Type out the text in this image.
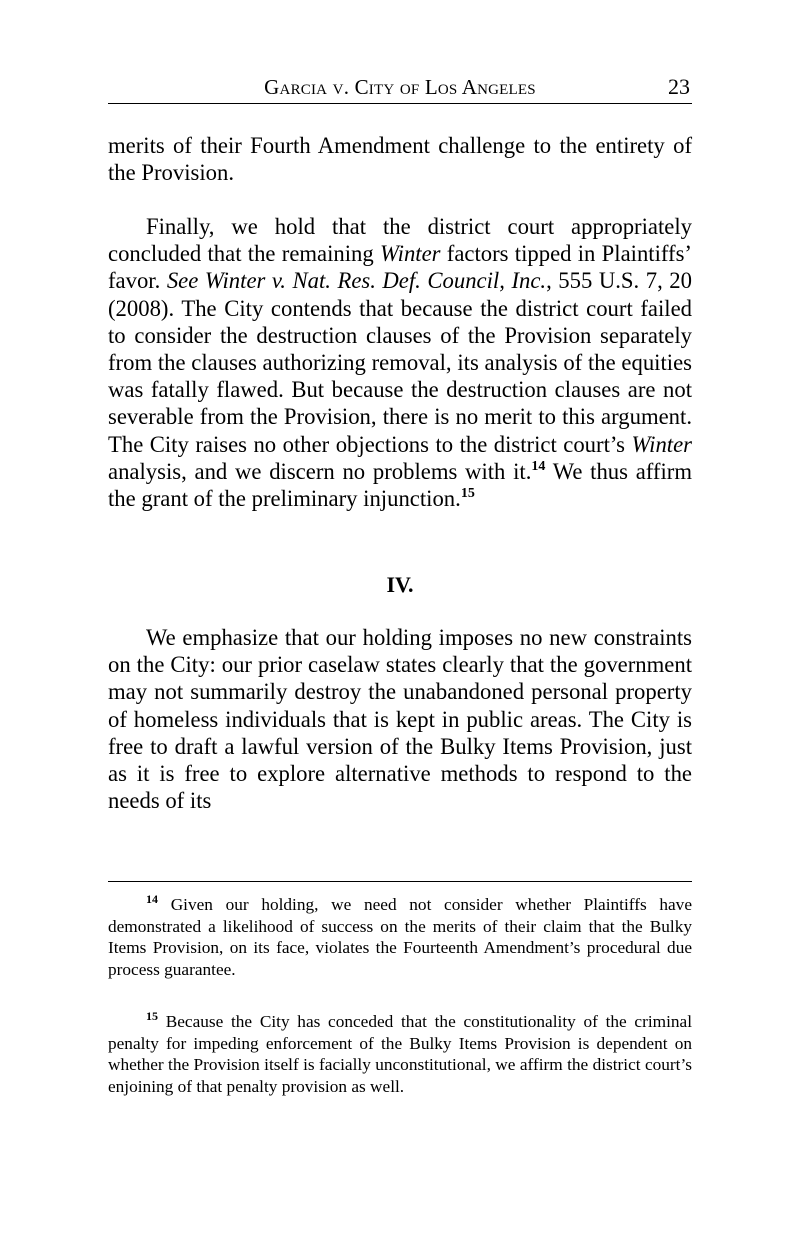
Garcia v. City of Los Angeles	23

merits of their Fourth Amendment challenge to the entirety of the Provision.

Finally, we hold that the district court appropriately concluded that the remaining Winter factors tipped in Plaintiffs’ favor. See Winter v. Nat. Res. Def. Council, Inc., 555 U.S. 7, 20 (2008). The City contends that because the district court failed to consider the destruction clauses of the Provision separately from the clauses authorizing removal, its analysis of the equities was fatally flawed. But because the destruction clauses are not severable from the Provision, there is no merit to this argument. The City raises no other objections to the district court’s Winter analysis, and we discern no problems with it.$^{14}$ We thus affirm the grant of the preliminary injunction.$^{15}$

IV.

We emphasize that our holding imposes no new constraints on the City: our prior caselaw states clearly that the government may not summarily destroy the unabandoned personal property of homeless individuals that is kept in public areas. The City is free to draft a lawful version of the Bulky Items Provision, just as it is free to explore alternative methods to respond to the needs of its

$^{14}$ Given our holding, we need not consider whether Plaintiffs have demonstrated a likelihood of success on the merits of their claim that the Bulky Items Provision, on its face, violates the Fourteenth Amendment’s procedural due process guarantee.

$^{15}$ Because the City has conceded that the constitutionality of the criminal penalty for impeding enforcement of the Bulky Items Provision is dependent on whether the Provision itself is facially unconstitutional, we affirm the district court’s enjoining of that penalty provision as well.
